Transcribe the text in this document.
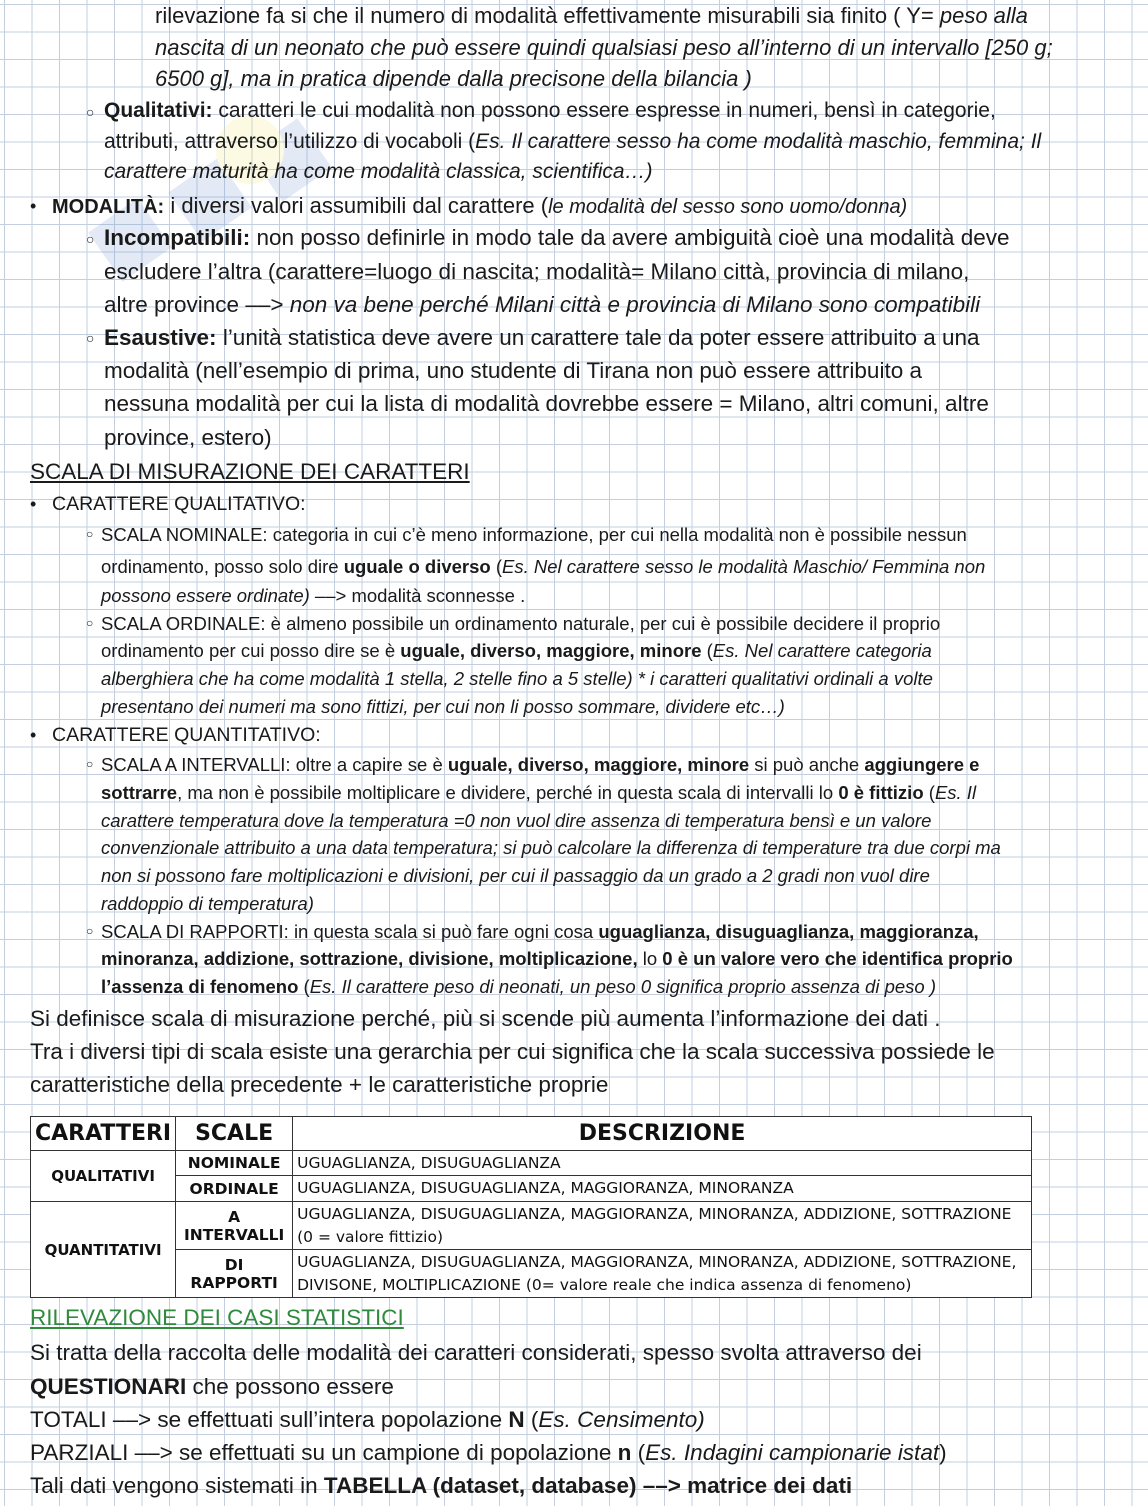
rilevazione fa si che il numero di modalità effettivamente misurabili sia finito ( Y= peso alla
nascita di un neonato che può essere quindi qualsiasi peso all’interno di un intervallo [250 g;
6500 g], ma in pratica dipende dalla precisone della bilancia )
○ Qualitativi: caratteri le cui modalità non possono essere espresse in numeri, bensì in categorie,
attributi, attraverso l’utilizzo di vocaboli (Es. Il carattere sesso ha come modalità maschio, femmina; Il
carattere maturità ha come modalità classica, scientifica…)
• MODALITÀ: i diversi valori assumibili dal carattere (le modalità del sesso sono uomo/donna)
○ Incompatibili: non posso definirle in modo tale da avere ambiguità cioè una modalità deve
escludere l’altra (carattere=luogo di nascita; modalità= Milano città, provincia di milano,
altre province ––> non va bene perché Milani città e provincia di Milano sono compatibili
○ Esaustive: l’unità statistica deve avere un carattere tale da poter essere attribuito a una
modalità (nell’esempio di prima, uno studente di Tirana non può essere attribuito a
nessuna modalità per cui la lista di modalità dovrebbe essere = Milano, altri comuni, altre
province, estero)
SCALA DI MISURAZIONE DEI CARATTERI
• CARATTERE QUALITATIVO:
○ SCALA NOMINALE: categoria in cui c’è meno informazione, per cui nella modalità non è possibile nessun
ordinamento, posso solo dire uguale o diverso (Es. Nel carattere sesso le modalità Maschio/ Femmina non
possono essere ordinate) ––> modalità sconnesse .
○ SCALA ORDINALE: è almeno possibile un ordinamento naturale, per cui è possibile decidere il proprio
ordinamento per cui posso dire se è uguale, diverso, maggiore, minore (Es. Nel carattere categoria
alberghiera che ha come modalità 1 stella, 2 stelle fino a 5 stelle) * i caratteri qualitativi ordinali a volte
presentano dei numeri ma sono fittizi, per cui non li posso sommare, dividere etc…)
• CARATTERE QUANTITATIVO:
○ SCALA A INTERVALLI: oltre a capire se è uguale, diverso, maggiore, minore si può anche aggiungere e
sottrarre, ma non è possibile moltiplicare e dividere, perché in questa scala di intervalli lo 0 è fittizio (Es. Il
carattere temperatura dove la temperatura =0 non vuol dire assenza di temperatura bensì e un valore
convenzionale attribuito a una data temperatura; si può calcolare la differenza di temperature tra due corpi ma
non si possono fare moltiplicazioni e divisioni, per cui il passaggio da un grado a 2 gradi non vuol dire
raddoppio di temperatura)
○ SCALA DI RAPPORTI: in questa scala si può fare ogni cosa uguaglianza, disuguaglianza, maggioranza,
minoranza, addizione, sottrazione, divisione, moltiplicazione, lo 0 è un valore vero che identifica proprio
l’assenza di fenomeno (Es. Il carattere peso di neonati, un peso 0 significa proprio assenza di peso )
Si definisce scala di misurazione perché, più si scende più aumenta l’informazione dei dati .
Tra i diversi tipi di scala esiste una gerarchia per cui significa che la scala successiva possiede le
caratteristiche della precedente + le caratteristiche proprie
CARATTERI	SCALE	DESCRIZIONE
QUALITATIVI	NOMINALE	UGUAGLIANZA, DISUGUAGLIANZA
	ORDINALE	UGUAGLIANZA, DISUGUAGLIANZA, MAGGIORANZA, MINORANZA
QUANTITATIVI	A INTERVALLI	UGUAGLIANZA, DISUGUAGLIANZA, MAGGIORANZA, MINORANZA, ADDIZIONE, SOTTRAZIONE
(0 = valore fittizio)

	DI RAPPORTI	UGUAGLIANZA, DISUGUAGLIANZA, MAGGIORANZA, MINORANZA, ADDIZIONE, SOTTRAZIONE,
DIVISONE, MOLTIPLICAZIONE (0= valore reale che indica assenza di fenomeno)
RILEVAZIONE DEI CASI STATISTICI
Si tratta della raccolta delle modalità dei caratteri considerati, spesso svolta attraverso dei
QUESTIONARI che possono essere
TOTALI ––> se effettuati sull’intera popolazione N (Es. Censimento)
PARZIALI ––> se effettuati su un campione di popolazione n (Es. Indagini campionarie istat)
Tali dati vengono sistemati in TABELLA (dataset, database) ––> matrice dei dati
